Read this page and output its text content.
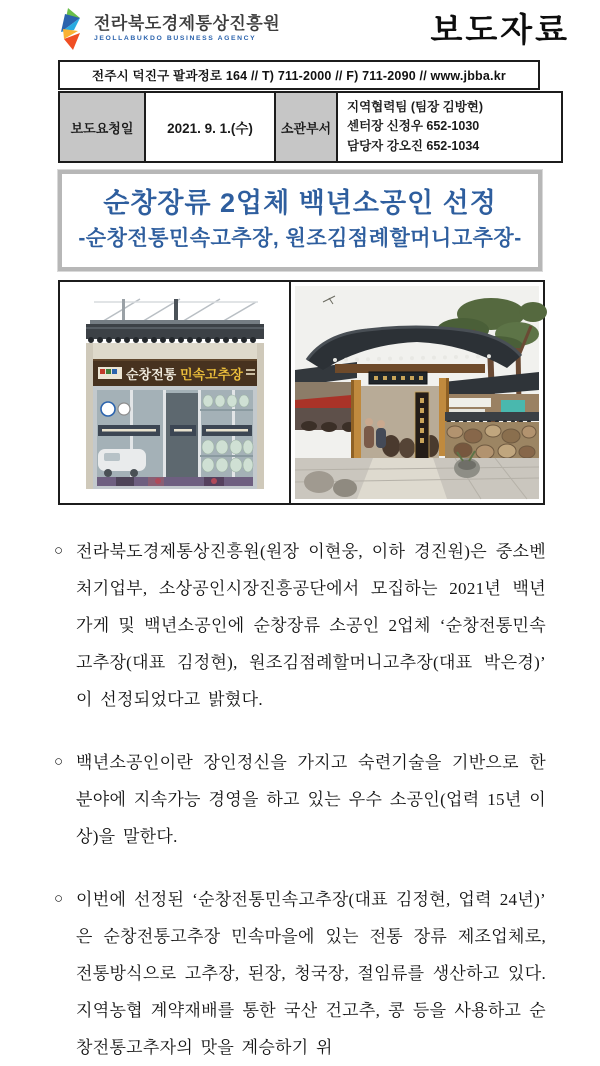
전라북도경제통상진흥원
JEOLLABUKDO BUSINESS AGENCY	보도자료
전주시 덕진구 팔과정로 164 // T) 711-2000 // F) 711-2090 // www.jbba.kr
보도요청일	2021. 9. 1.(수)	소관부서	
지역협력팀 (팀장 김방현)
센터장 신정우 652-1030
담당자 강오진 652-1034
순창장류 2업체 백년소공인 선정
-순창전통민속고추장, 원조김점례할머니고추장-
순창전통 민속고추장
○ 전라북도경제통상진흥원(원장 이현웅, 이하 경진원)은 중소벤처기업부, 소상공인시장진흥공단에서 모집하는 2021년 백년가게 및 백년소공인에 순창장류 소공인 2업체 ‘순창전통민속고추장(대표 김정현), 원조김점례할머니고추장(대표 박은경)’ 이 선정되었다고 밝혔다.
○ 백년소공인이란 장인정신을 가지고 숙련기술을 기반으로 한 분야에 지속가능 경영을 하고 있는 우수 소공인(업력 15년 이상)을 말한다.
○ 이번에 선정된 ‘순창전통민속고추장(대표 김정현, 업력 24년)’ 은 순창전통고추장 민속마을에 있는 전통 장류 제조업체로, 전통방식으로 고추장, 된장, 청국장, 절임류를 생산하고 있다. 지역농협 계약재배를 통한 국산 건고추, 콩 등을 사용하고 순창전통고추자의 맛을 계승하기 위
